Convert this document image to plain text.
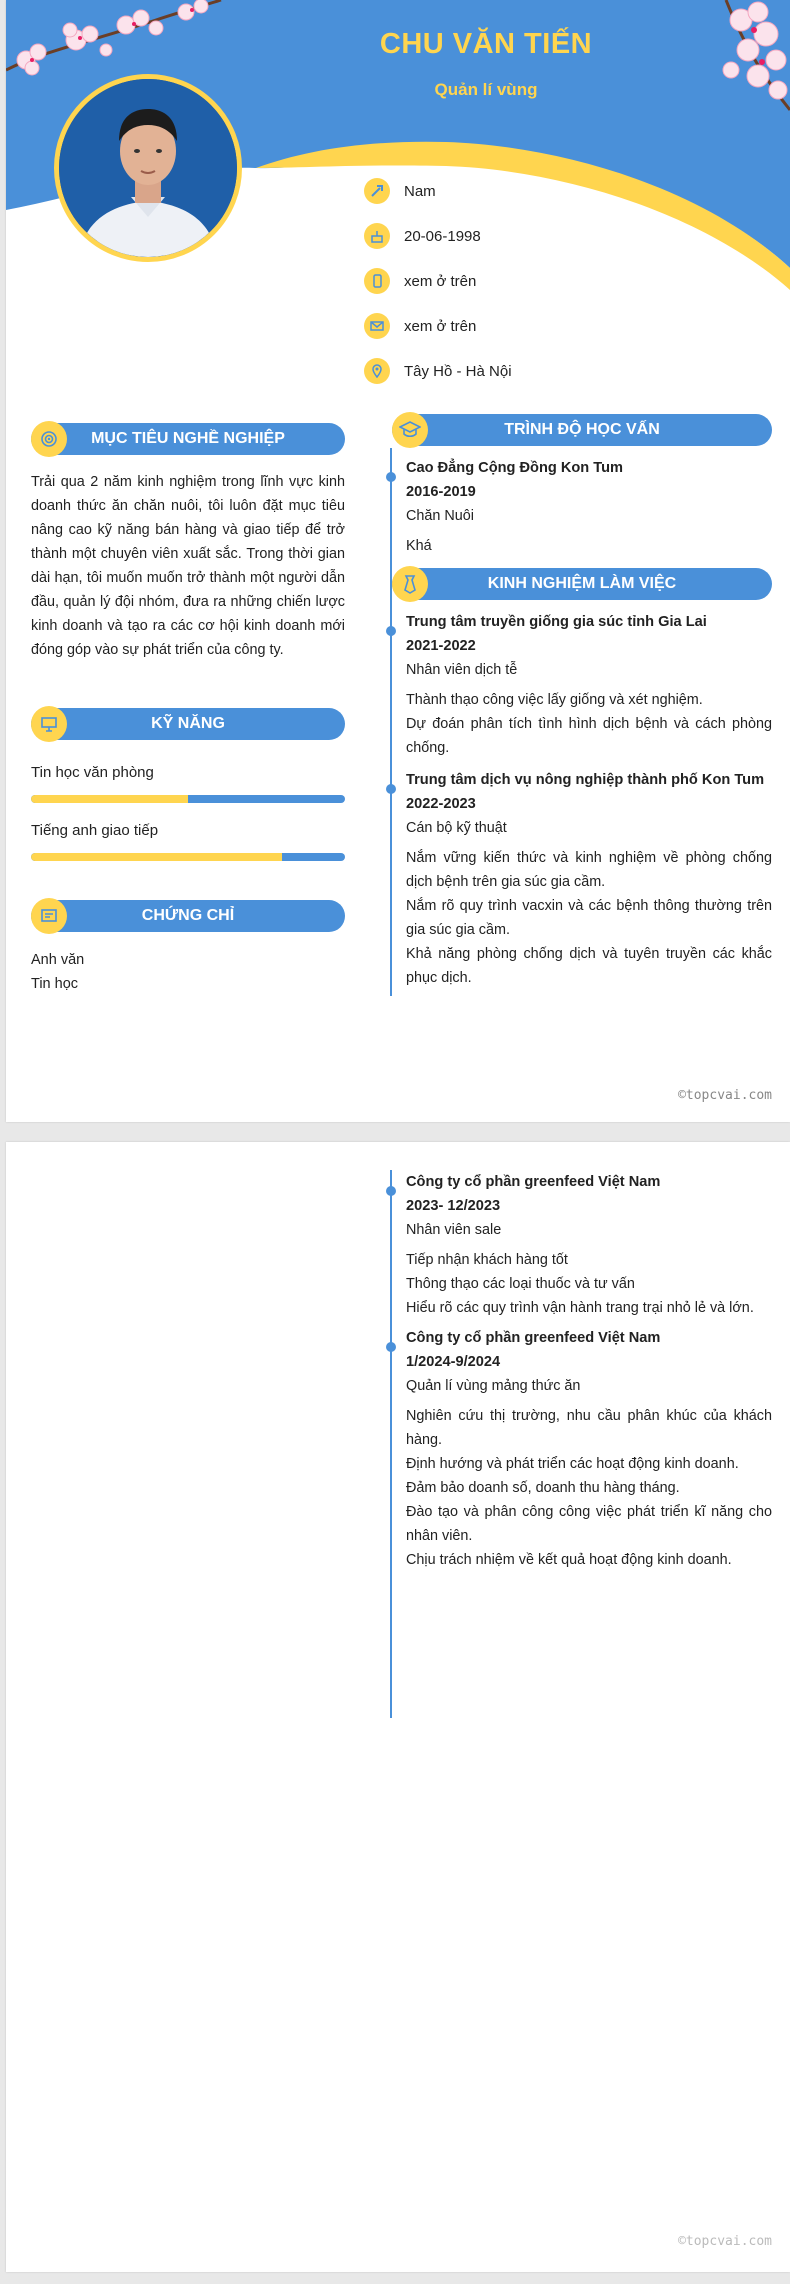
CHU VĂN TIẾN
Quản lí vùng
Nam
20-06-1998
xem ở trên
xem ở trên
Tây Hồ - Hà Nội
MỤC TIÊU NGHỀ NGHIỆP
Trải qua 2 năm kinh nghiệm trong lĩnh vực kinh doanh thức ăn chăn nuôi, tôi luôn đặt mục tiêu nâng cao kỹ năng bán hàng và giao tiếp để trở thành một chuyên viên xuất sắc. Trong thời gian dài hạn, tôi muốn muốn trở thành một người dẫn đầu, quản lý đội nhóm, đưa ra những chiến lược kinh doanh và tạo ra các cơ hội kinh doanh mới đóng góp vào sự phát triển của công ty.
KỸ NĂNG
Tin học văn phòng
Tiếng anh giao tiếp
CHỨNG CHỈ
Anh văn
Tin học
TRÌNH ĐỘ HỌC VẤN
Cao Đẳng Cộng Đồng Kon Tum
2016-2019
Chăn Nuôi
Khá
KINH NGHIỆM LÀM VIỆC
Trung tâm truyền giống gia súc tỉnh Gia Lai
2021-2022
Nhân viên dịch tễ
Thành thạo công việc lấy giống và xét nghiệm.
Dự đoán phân tích tình hình dịch bệnh và cách phòng chống.
Trung tâm dịch vụ nông nghiệp thành phố Kon Tum
2022-2023
Cán bộ kỹ thuật
Nắm vững kiến thức và kinh nghiệm về phòng chống dịch bệnh trên gia súc gia cầm.
Nắm rõ quy trình vacxin và các bệnh thông thường trên gia súc gia cầm.
Khả năng phòng chống dịch và tuyên truyền các khắc phục dịch.
©topcvai.com
Công ty cổ phần greenfeed Việt Nam
2023- 12/2023
Nhân viên sale
Tiếp nhận khách hàng tốt
Thông thạo các loại thuốc và tư vấn
Hiểu rõ các quy trình vận hành trang trại nhỏ lẻ và lớn.
Công ty cổ phần greenfeed Việt Nam
1/2024-9/2024
Quản lí vùng mảng thức ăn
Nghiên cứu thị trường, nhu cầu phân khúc của khách hàng.
Định hướng và phát triển các hoạt động kinh doanh.
Đảm bảo doanh số, doanh thu hàng tháng.
Đào tạo và phân công công việc phát triển kĩ năng cho nhân viên.
Chịu trách nhiệm về kết quả hoạt động kinh doanh.
©topcvai.com
